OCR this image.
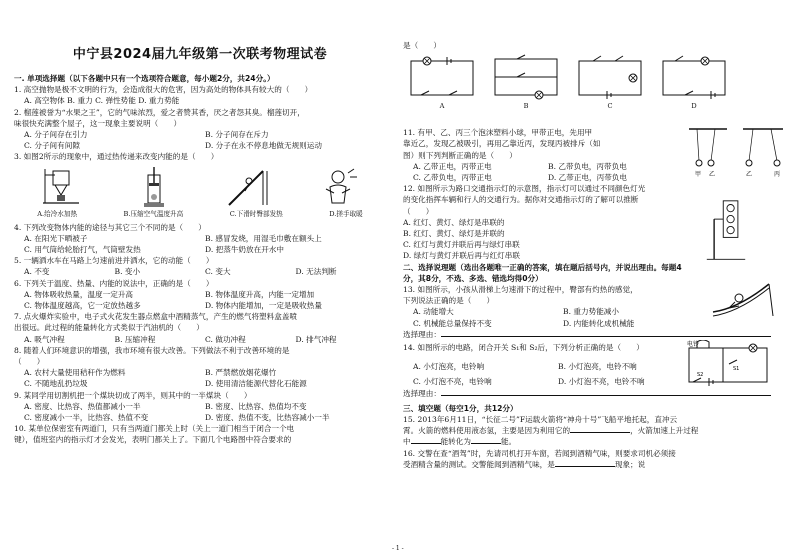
中宁县2024届九年级第一次联考物理试卷
一. 单项选择题（以下各题中只有一个选项符合题意，每小题2分，共24分。）
1. 高空抛物是极不文明的行为，会造成很大的危害，因为高处的物体具有较大的（　　）
A. 高空物体 B. 重力 C. 弹性势能 D. 重力势能
2. 榴莲被誉为“水果之王”，它的气味浓烈，爱之者赞其香，厌之者怨其臭。榴莲切开，
味很快充满整个屋子，这一现象主要说明（　　）
A. 分子间存在引力	B. 分子间存在斥力
C. 分子间有间隙	D. 分子在永不停息地做无规则运动
3. 如图2所示的现象中，通过热传递来改变内能的是（　　）
A.给冷水加热	B.压缩空气温度升高	C.下滑时臀部发热	D.搓手取暖
4. 下列改变物体内能的途径与其它三个不同的是（　　）
A. 在阳光下晒被子	B. 感冒发烧，用湿毛巾敷在额头上
C. 用气筒给轮胎打气，气筒壁发热	D. 把蒸牛奶放在开水中
5. 一辆洒水车在马路上匀速前进并洒水，它的动能（　　）
A. 不变	B. 变小	C. 变大	D. 无法判断
6. 下列关于温度、热量、内能的说法中，正确的是（　　）
A. 物体吸收热量，温度一定升高	B. 物体温度升高，内能一定增加
C. 物体温度越高，它一定放热越多	D. 物体内能增加，一定是吸收热量
7. 点火爆炸实验中，电子式火花发生器点燃盒中酒精蒸气，产生的燃气将塑料盒盖喷
出很远。此过程的能量转化方式类似于汽油机的（　　）
A. 吸气冲程	B. 压缩冲程	C. 做功冲程	D. 排气冲程
8. 随着人们环境意识的增强，我市环境有很大改善。下列做法不利于改善环境的是
（　　）
A. 农村大量使用秸秆作为燃料	B. 严禁燃放烟花爆竹
C. 不随地乱扔垃圾	D. 使用清洁能源代替化石能源
9. 某同学用切割机把一个煤块切成了两半，则其中的一半煤块（　　）
A. 密度、比热容、热值都减小一半	B. 密度、比热容、热值均不变
C. 密度减小一半，比热容、热值不变	D. 密度、热值不变，比热容减小一半
10. 某单位保密室有两道门，只有当两道门都关上时（关上一道门相当于闭合一个电
键），值班室内的指示灯才会发光，表明门都关上了。下面几个电路图中符合要求的
是（　　）
A	B	C	D
11. 有甲、乙、丙三个泡沫塑料小球，甲带正电，先用甲
靠近乙，发现乙被吸引，再用乙靠近丙，发现丙被排斥（如
图）则下列判断正确的是（　　）
A. 乙带正电，丙带正电	B. 乙带负电，丙带负电
C. 乙带负电，丙带正电	D. 乙带正电，丙带负电	甲 乙	乙	丙
12. 如图所示为路口交通指示灯的示意图，指示灯可以通过不同颜色灯光
的变化指挥车辆和行人的交通行为。据你对交通指示灯的了解可以推断
（　　）
A. 红灯、黄灯、绿灯是串联的
B. 红灯、黄灯、绿灯是并联的
C. 红灯与黄灯并联后再与绿灯串联
D. 绿灯与黄灯并联后再与红灯串联
二、选择说理题（选出各题唯一正确的答案，填在题后括号内，并说出理由。每题4
分，其8分，不选、多选、错选均得0分）
13. 如图所示，小孩从滑梯上匀速滑下的过程中，臀部有灼热的感觉，
下列说法正确的是（　　）
A. 动能增大	B. 重力势能减小
C. 机械能总量保持不变	D. 内能转化成机械能
选择理由：
14. 如图所示的电路，闭合开关 S₁和 S₂后，下列分析正确的是（　　）
A. 小灯泡亮，电铃响	B. 小灯泡亮，电铃不响
C. 小灯泡不亮，电铃响	D. 小灯泡不亮，电铃不响
选择理由：
电铃
S1
S2
三、填空题（每空1分，共12分）
15. 2013年6月11日，“长征二号”F运载火箭将“神舟十号”飞船平地托起，直冲云
霄。火箭的燃料使用液态氢，主要是因为利用它的	，火箭加速上升过程
中	能转化为	能。
16. 交警在查“酒驾”时，先请司机打开车窗，若闻到酒精气味，则要求司机必须接
受酒精含量的测试。交警能闻到酒精气味，是	现象；说
- 1 -
